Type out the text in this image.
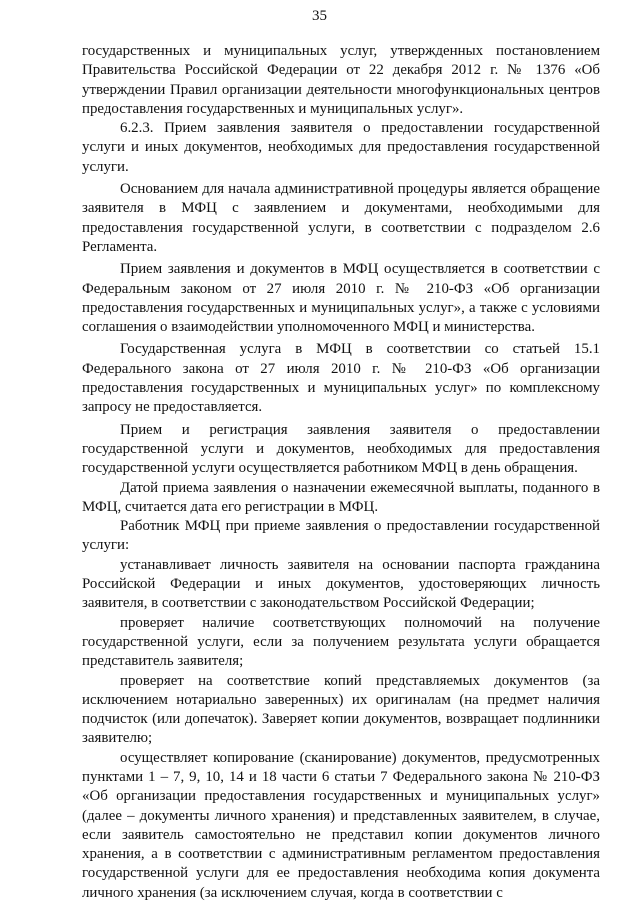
35

государственных и муниципальных услуг, утвержденных постановлением Правительства Российской Федерации от 22 декабря 2012 г. № 1376 «Об утверждении Правил организации деятельности многофункциональных центров предоставления государственных и муниципальных услуг».

6.2.3. Прием заявления заявителя о предоставлении государственной услуги и иных документов, необходимых для предоставления государственной услуги.

Основанием для начала административной процедуры является обращение заявителя в МФЦ с заявлением и документами, необходимыми для предоставления государственной услуги, в соответствии с подразделом 2.6 Регламента.

Прием заявления и документов в МФЦ осуществляется в соответствии с Федеральным законом от 27 июля 2010 г. № 210-ФЗ «Об организации предоставления государственных и муниципальных услуг», а также с условиями соглашения о взаимодействии уполномоченного МФЦ и министерства.

Государственная услуга в МФЦ в соответствии со статьей 15.1 Федерального закона от 27 июля 2010 г. № 210-ФЗ «Об организации предоставления государственных и муниципальных услуг» по комплексному запросу не предоставляется.

Прием и регистрация заявления заявителя о предоставлении государственной услуги и документов, необходимых для предоставления государственной услуги осуществляется работником МФЦ в день обращения.

Датой приема заявления о назначении ежемесячной выплаты, поданного в МФЦ, считается дата его регистрации в МФЦ.

Работник МФЦ при приеме заявления о предоставлении государственной услуги:

устанавливает личность заявителя на основании паспорта гражданина Российской Федерации и иных документов, удостоверяющих личность заявителя, в соответствии с законодательством Российской Федерации;

проверяет наличие соответствующих полномочий на получение государственной услуги, если за получением результата услуги обращается представитель заявителя;

проверяет на соответствие копий представляемых документов (за исключением нотариально заверенных) их оригиналам (на предмет наличия подчисток (или допечаток). Заверяет копии документов, возвращает подлинники заявителю;

осуществляет копирование (сканирование) документов, предусмотренных пунктами 1 – 7, 9, 10, 14 и 18 части 6 статьи 7 Федерального закона № 210-ФЗ «Об организации предоставления государственных и муниципальных услуг» (далее – документы личного хранения) и представленных заявителем, в случае, если заявитель самостоятельно не представил копии документов личного хранения, а в соответствии с административным регламентом предоставления государственной услуги для ее предоставления необходима копия документа личного хранения (за исключением случая, когда в соответствии с
